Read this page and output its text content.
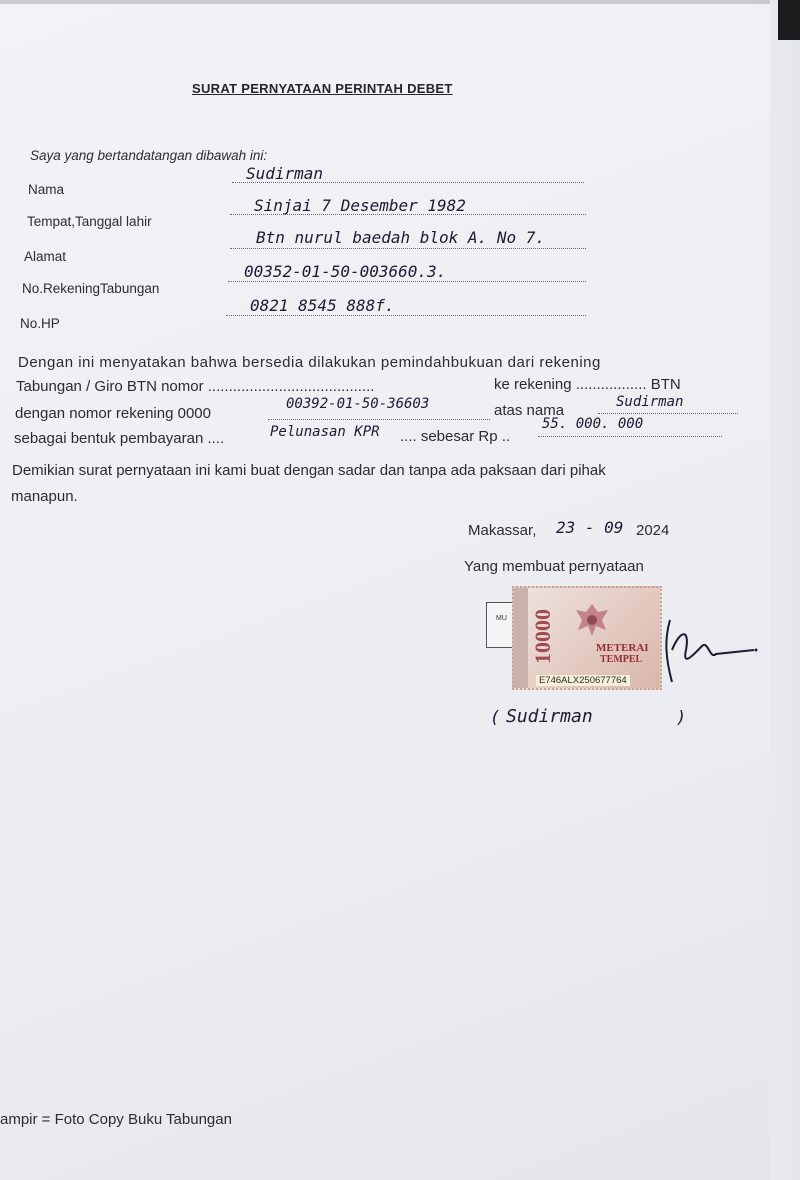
SURAT PERNYATAAN PERINTAH DEBET
Saya yang bertandatangan dibawah ini:
Nama
Sudirman
Tempat,Tanggal lahir
Sinjai 7 Desember 1982
Alamat
Btn nurul baedah blok A. No 7.
No.RekeningTabungan
00352-01-50-003660.3.
No.HP
0821 8545 888f.
Dengan ini menyatakan bahwa bersedia dilakukan pemindahbukuan dari rekening
Tabungan / Giro BTN nomor ........................................	ke rekening ................. BTN
dengan nomor rekening 0000
00392-01-50-36603	atas nama	Sudirman
sebagai bentuk pembayaran ....	Pelunasan KPR .... sebesar Rp ..
55. 000. 000
Demikian surat pernyataan ini kami buat dengan sadar dan tanpa ada paksaan dari pihak
manapun.
Makassar, 23 - 09 2024
Yang membuat pernyataan
MU 10000	METERAI
TEMPEL
E746ALX250677764
( Sudirman	)
ampir = Foto Copy Buku Tabungan
